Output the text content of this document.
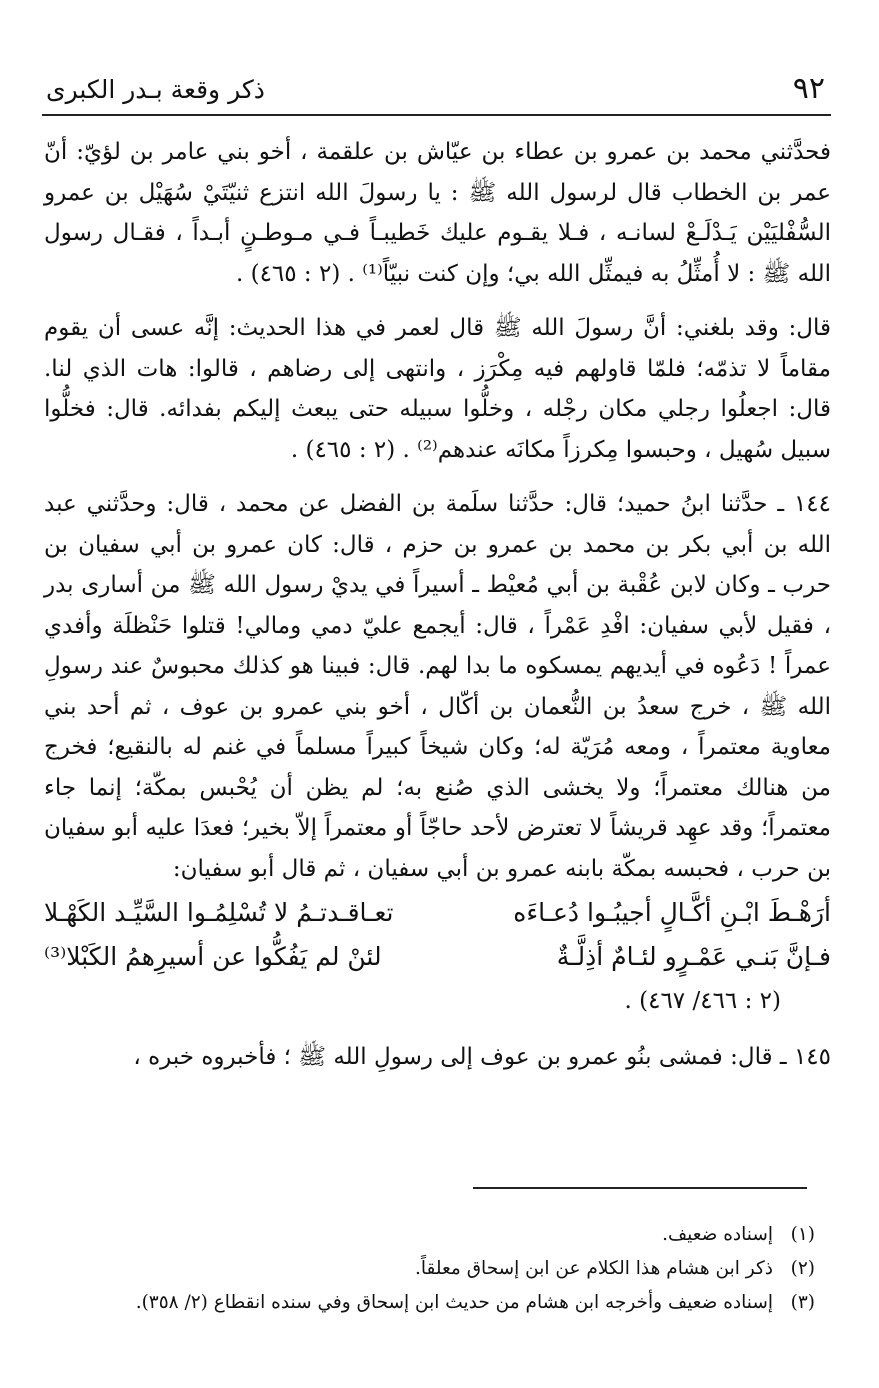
٩٢
ذكر وقعة بـدر الكبرى

فحدَّثني محمد بن عمرو بن عطاء بن عيّاش بن علقمة ، أخو بني عامر بن لؤيّ: أنّ عمر بن الخطاب قال لرسول الله ﷺ : يا رسولَ الله انتزع ثنيّتَيْ سُهَيْل بن عمرو السُّفْليَيْن يَـدْلَـعْ لسانـه ، فـلا يقـوم عليك خَطيبـاً فـي مـوطـنٍ أبـداً ، فقـال رسول الله ﷺ : لا أُمثِّلُ به فيمثِّل الله بي؛ وإن كنت نبيّاً⁽¹⁾ . (٢ : ٤٦٥) .

قال: وقد بلغني: أنَّ رسولَ الله ﷺ قال لعمر في هذا الحديث: إنَّه عسى أن يقوم مقاماً لا تذمّه؛ فلمّا قاولهم فيه مِكْرَز ، وانتهى إلى رضاهم ، قالوا: هات الذي لنا. قال: اجعلُوا رجلي مكان رجْله ، وخلُّوا سبيله حتى يبعث إليكم بفدائه. قال: فخلُّوا سبيل سُهيل ، وحبسوا مِكرزاً مكانَه عندهم⁽²⁾ . (٢ : ٤٦٥) .

١٤٤ ـ حدَّثنا ابنُ حميد؛ قال: حدَّثنا سلَمة بن الفضل عن محمد ، قال: وحدَّثني عبد الله بن أبي بكر بن محمد بن عمرو بن حزم ، قال: كان عمرو بن أبي سفيان بن حرب ـ وكان لابن عُقْبة بن أبي مُعيْط ـ أسيراً في يديْ رسول الله ﷺ من أسارى بدر ، فقيل لأبي سفيان: افْدِ عَمْراً ، قال: أيجمع عليّ دمي ومالي! قتلوا حَنْظلَة وأفدي عمراً ! دَعُوه في أيديهم يمسكوه ما بدا لهم. قال: فبينا هو كذلك محبوسٌ عند رسولِ الله ﷺ ، خرج سعدُ بن النُّعمان بن أكّال ، أخو بني عمرو بن عوف ، ثم أحد بني معاوية معتمراً ، ومعه مُرَيّة له؛ وكان شيخاً كبيراً مسلماً في غنم له بالنقيع؛ فخرج من هنالك معتمراً؛ ولا يخشى الذي صُنع به؛ لم يظن أن يُحْبس بمكّة؛ إنما جاء معتمراً؛ وقد عهِد قريشاً لا تعترض لأحد حاجّاً أو معتمراً إلاّ بخير؛ فعدَا عليه أبو سفيان بن حرب ، فحبسه بمكّة بابنه عمرو بن أبي سفيان ، ثم قال أبو سفيان:

أرَهْـطَ ابْـنِ أكَّـالٍ أجيبُـوا دُعـاءَه
تعـاقـدتـمُ لا تُسْلِمُـوا السَّيِّـد الكَهْـلا
فـإنَّ بَنـي عَمْـرٍو لئـامٌ أذِلَّـةٌ
لئنْ لم يَفُكُّوا عن أسيرِهمُ الكَبْلا⁽³⁾
(٢ : ٤٦٦/ ٤٦٧) .

١٤٥ ـ قال: فمشى بنُو عمرو بن عوف إلى رسولِ الله ﷺ ؛ فأخبروه خبره ،

(١)
إسناده ضعيف.
(٢)
ذكر ابن هشام هذا الكلام عن ابن إسحاق معلقاً.
(٣)
إسناده ضعيف وأخرجه ابن هشام من حديث ابن إسحاق وفي سنده انقطاع (٢/ ٣٥٨).
